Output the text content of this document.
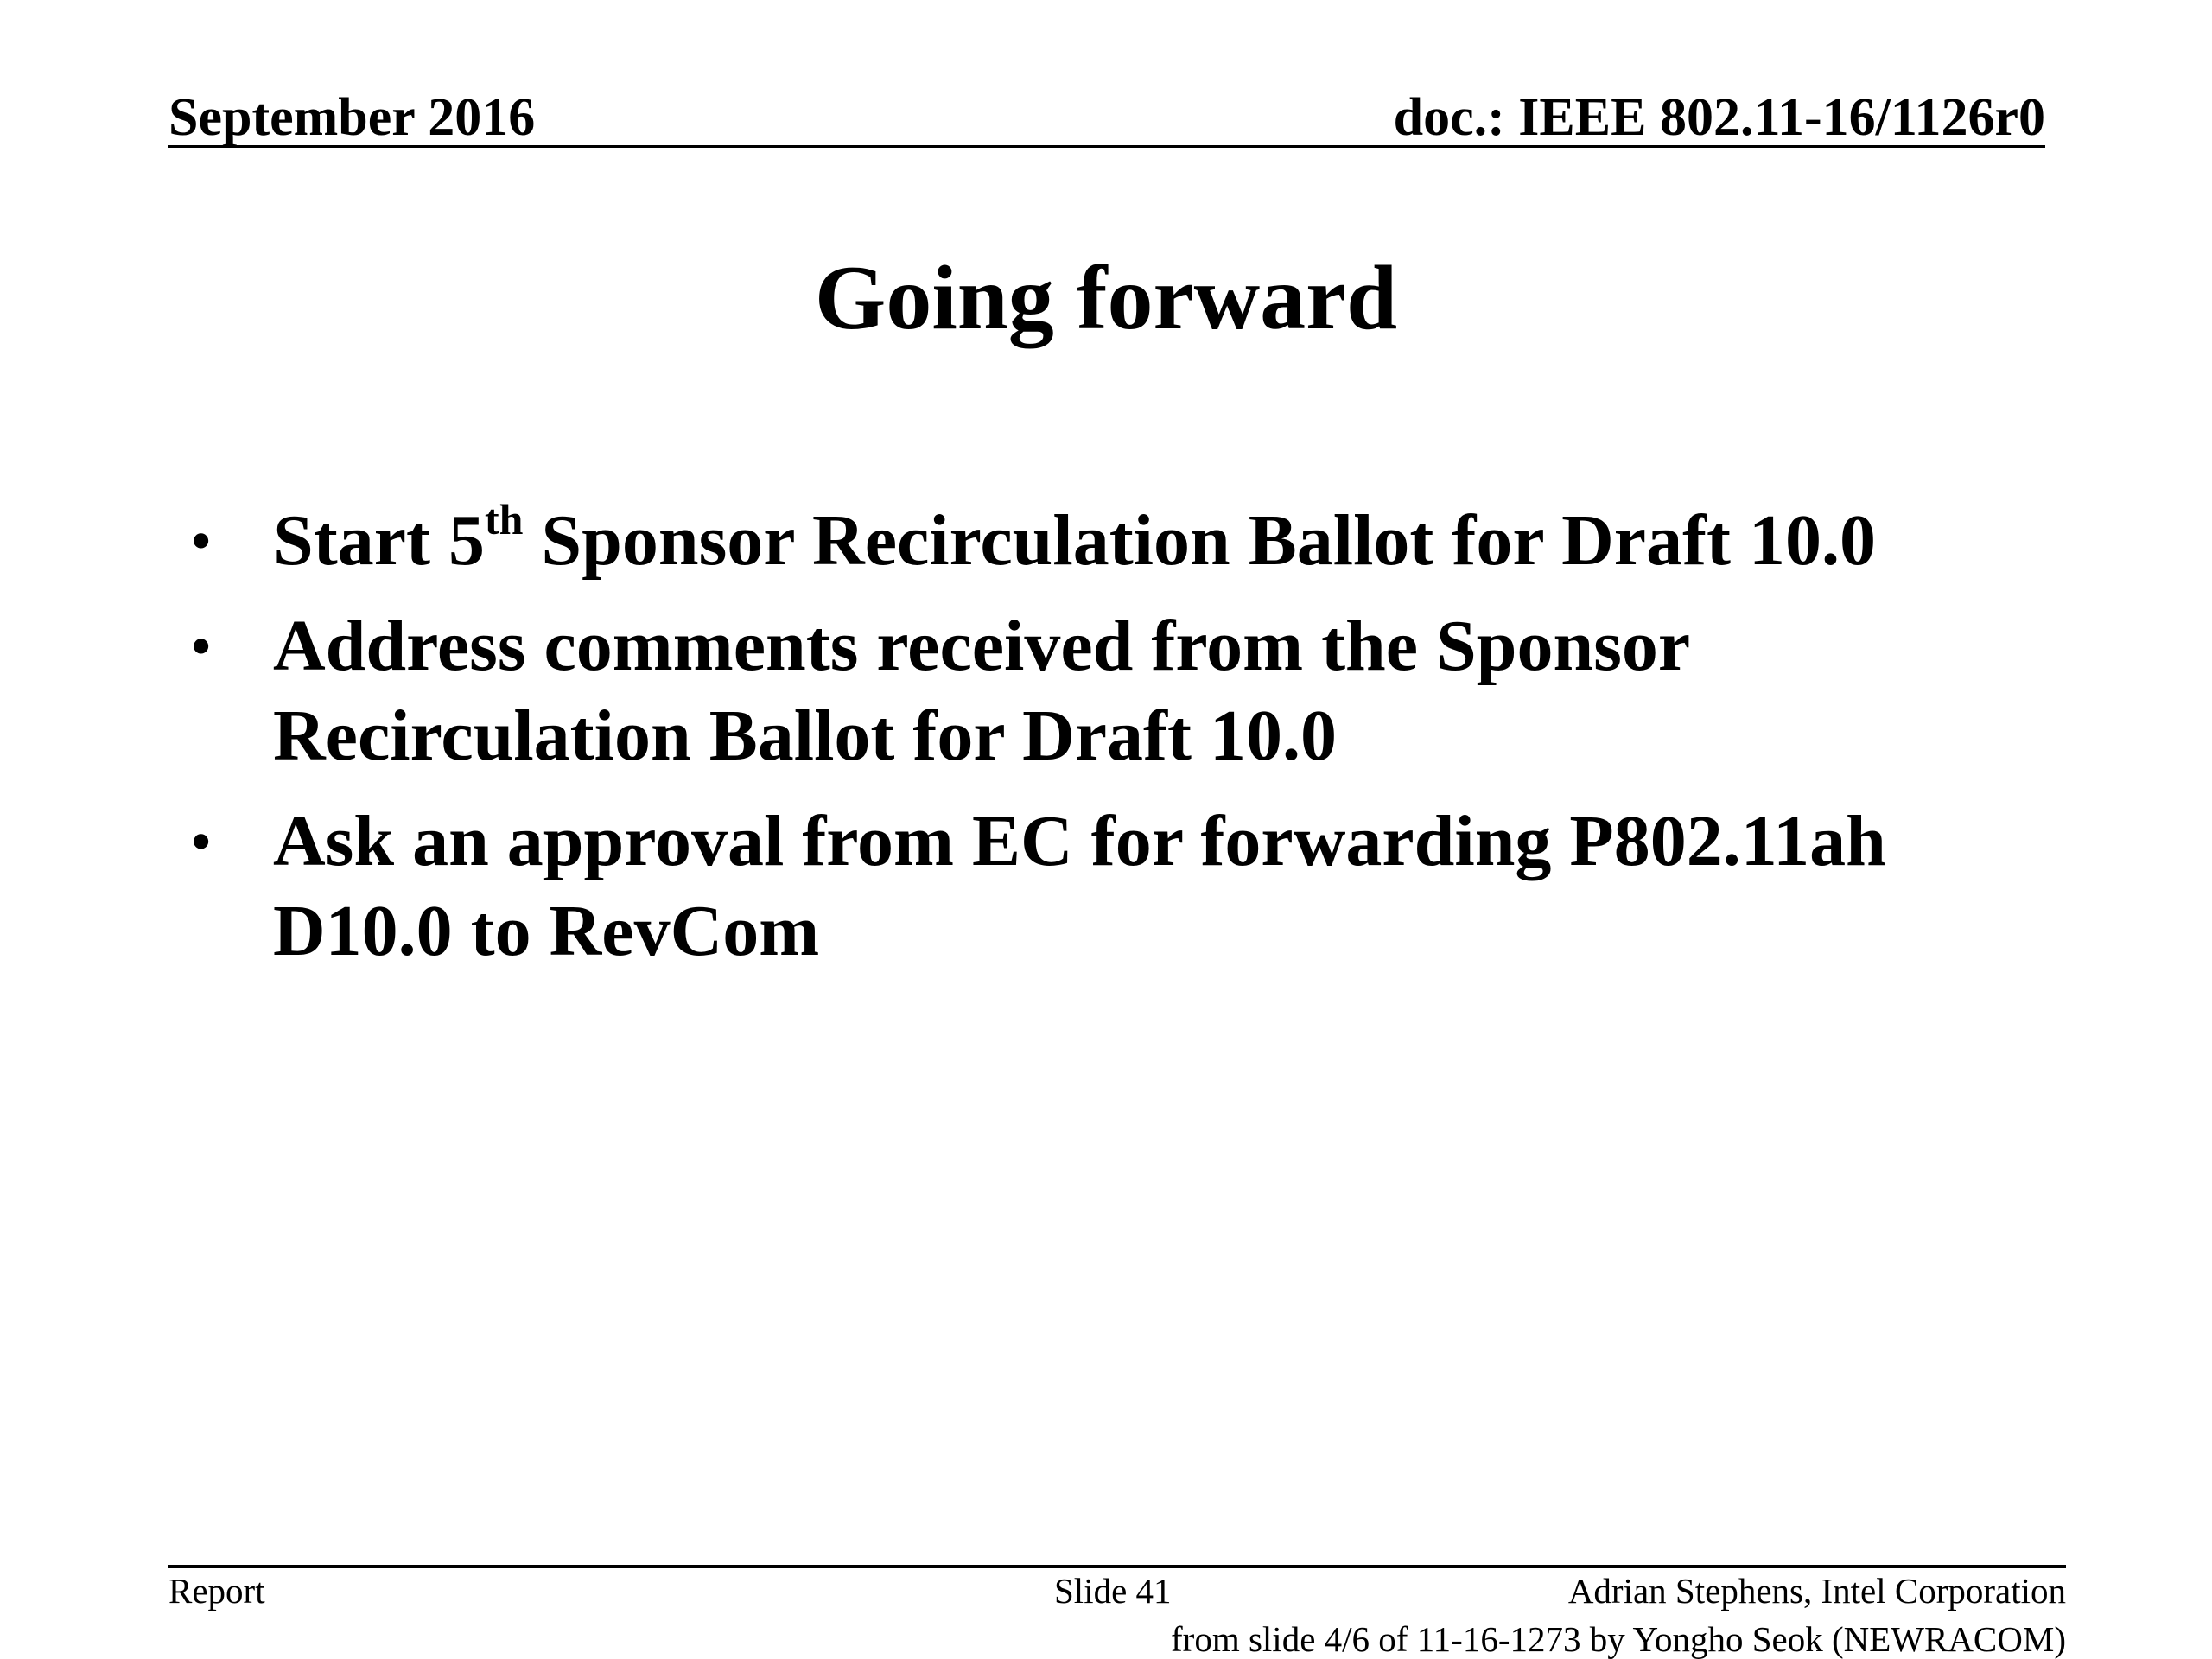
September 2016	doc.: IEEE 802.11-16/1126r0
Going forward
• Start 5th Sponsor Recirculation Ballot for Draft 10.0
• Address comments received from the Sponsor Recirculation Ballot for Draft 10.0
• Ask an approval from EC for forwarding P802.11ah D10.0 to RevCom
Report	Slide 41	Adrian Stephens, Intel Corporation
from slide 4/6 of 11-16-1273 by Yongho Seok (NEWRACOM)
